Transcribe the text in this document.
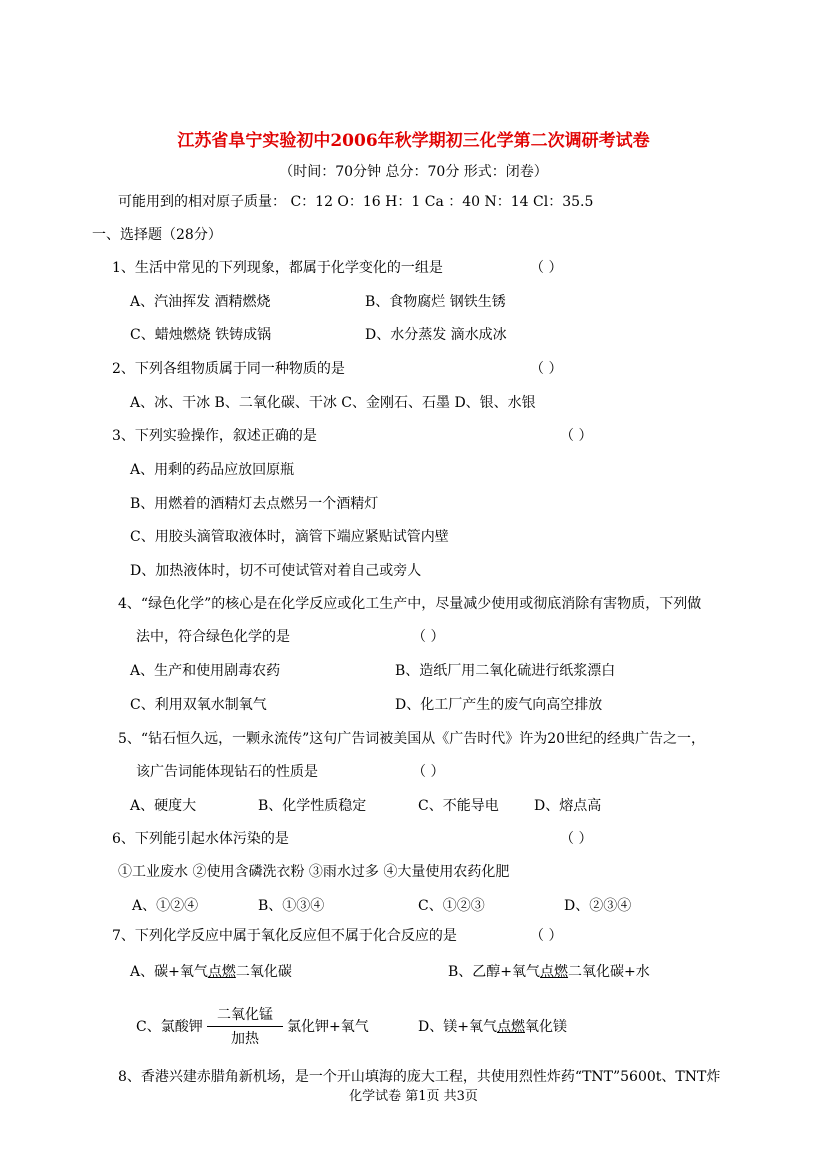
江苏省阜宁实验初中2006年秋学期初三化学第二次调研考试卷
（时间：70分钟 总分：70分 形式：闭卷）
可能用到的相对原子质量： C：12 O：16 H：1 Ca ：40 N：14 Cl：35.5
一、选择题（28分）
1、生活中常见的下列现象，都属于化学变化的一组是	（ ）
A、汽油挥发 酒精燃烧	B、食物腐烂 钢铁生锈
C、蜡烛燃烧 铁铸成锅	D、水分蒸发 滴水成冰
2、下列各组物质属于同一种物质的是	（ ）
A、冰、干冰 B、二氧化碳、干冰 C、金刚石、石墨 D、银、水银
3、下列实验操作，叙述正确的是	（ ）
A、用剩的药品应放回原瓶
B、用燃着的酒精灯去点燃另一个酒精灯
C、用胶头滴管取液体时，滴管下端应紧贴试管内壁
D、加热液体时，切不可使试管对着自己或旁人
4、“绿色化学”的核心是在化学反应或化工生产中，尽量减少使用或彻底消除有害物质，下列做
法中，符合绿色化学的是	（ ）
A、生产和使用剧毒农药	B、造纸厂用二氧化硫进行纸浆漂白
C、利用双氧水制氧气	D、化工厂产生的废气向高空排放
5、“钻石恒久远，一颗永流传”这句广告词被美国从《广告时代》许为20世纪的经典广告之一，
该广告词能体现钻石的性质是	（ ）
A、硬度大	B、化学性质稳定	C、不能导电	D、熔点高
6、下列能引起水体污染的是	（ ）
①工业废水 ②使用含磷洗衣粉 ③雨水过多 ④大量使用农药化肥
A、①②④	B、①③④	C、①②③	D、②③④
7、下列化学反应中属于氧化反应但不属于化合反应的是	（ ）
A、碳+氧气点燃二氧化碳	B、乙醇+氧气点燃二氧化碳+水
C、氯酸钾
二氧化锰
加热
氯化钾+氧气	D、镁+氧气点燃氧化镁
8、香港兴建赤腊角新机场，是一个开山填海的庞大工程，共使用烈性炸药“TNT”5600t、TNT炸
化学试卷 第1页 共3页
